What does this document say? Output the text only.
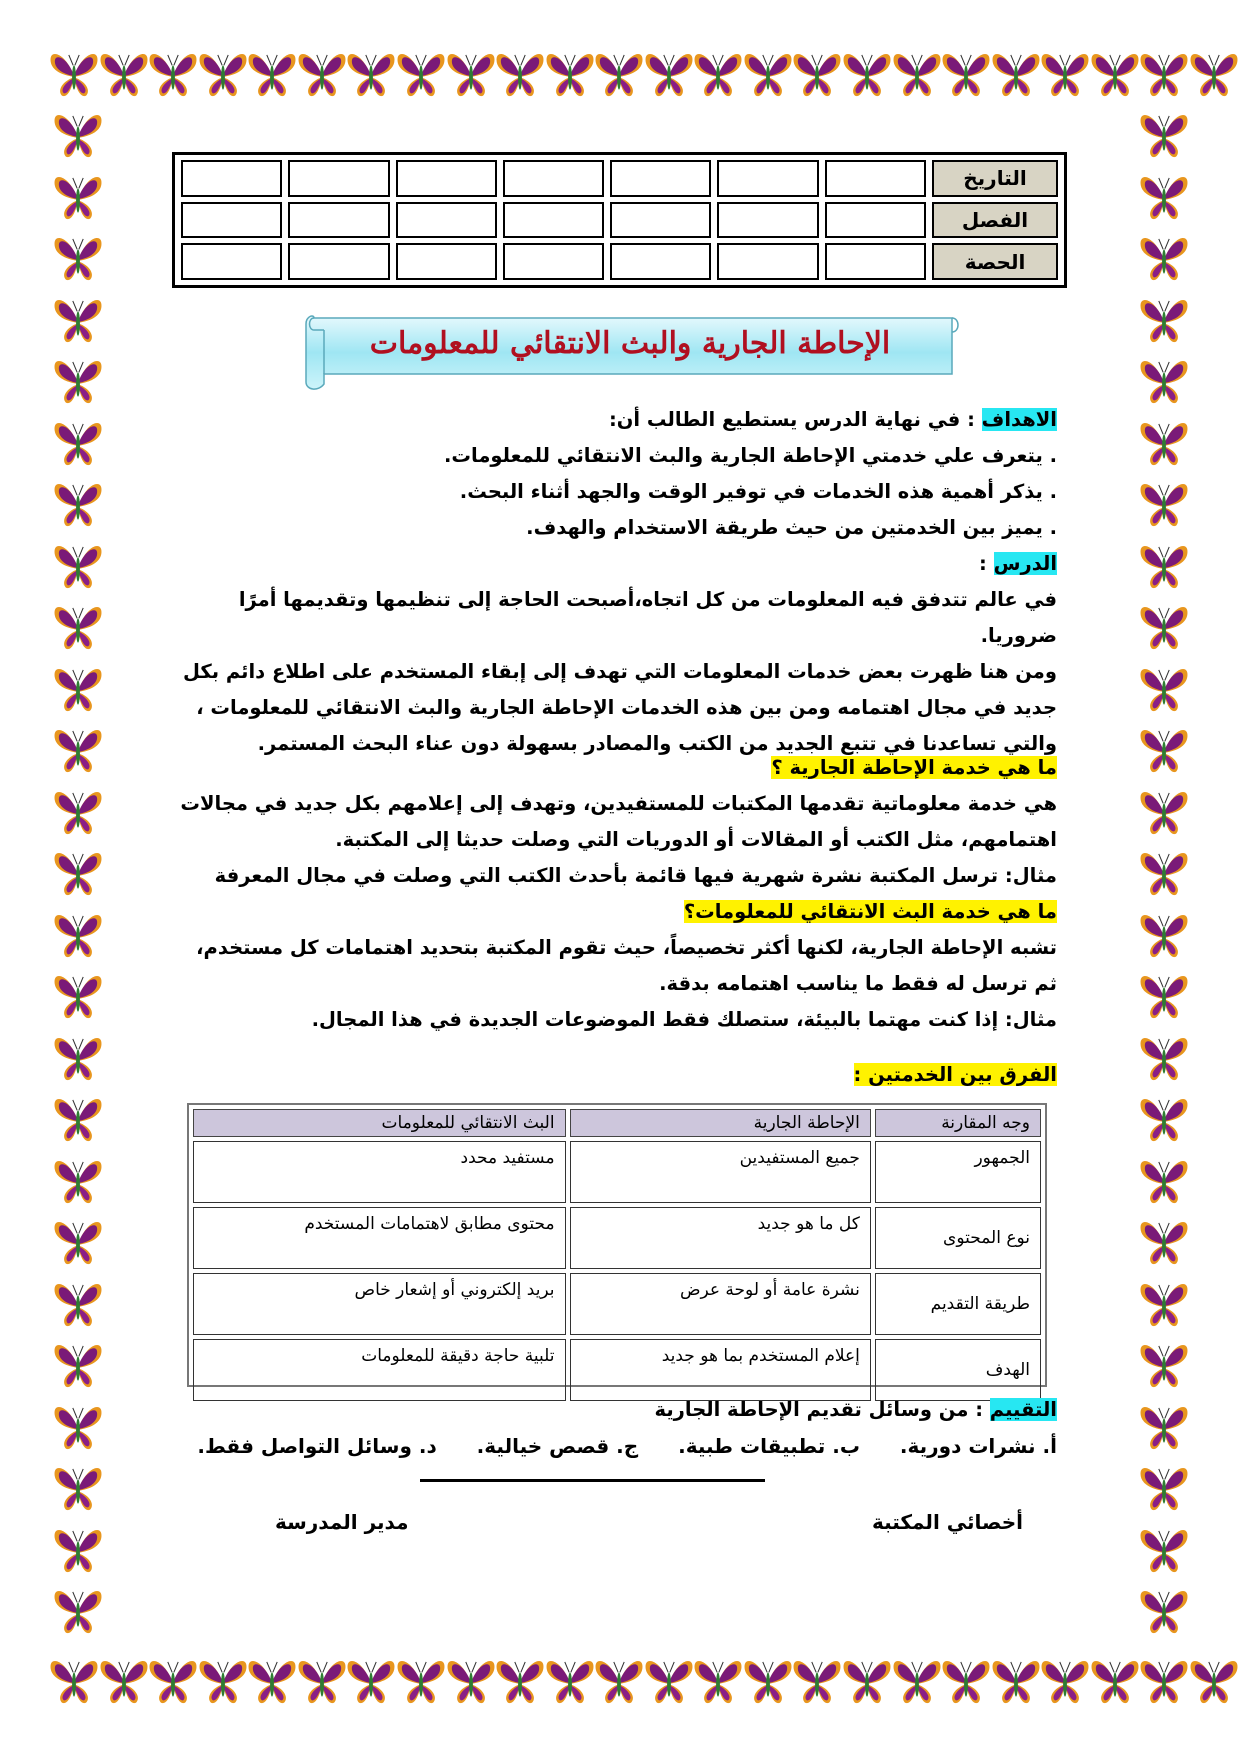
التاريخ							
الفصل							
الحصة							
الإحاطة الجارية والبث الانتقائي للمعلومات
الاهداف : في نهاية الدرس يستطيع الطالب أن:
. يتعرف علي خدمتي الإحاطة الجارية والبث الانتقائي للمعلومات.
. يذكر أهمية هذه الخدمات في توفير الوقت والجهد أثناء البحث.
. يميز بين الخدمتين من حيث طريقة الاستخدام والهدف.
الدرس :
في عالم تتدفق فيه المعلومات من كل اتجاه،أصبحت الحاجة إلى تنظيمها وتقديمها أمرًا ضروريا.
ومن هنا ظهرت بعض خدمات المعلومات التي تهدف إلى إبقاء المستخدم على اطلاع دائم بكل
جديد في مجال اهتمامه ومن بين هذه الخدمات الإحاطة الجارية والبث الانتقائي للمعلومات ،
والتي تساعدنا في تتبع الجديد من الكتب والمصادر بسهولة دون عناء البحث المستمر.
ما هي خدمة الإحاطة الجارية ؟
هي خدمة معلوماتية تقدمها المكتبات للمستفيدين، وتهدف إلى إعلامهم بكل جديد في مجالات
اهتمامهم، مثل الكتب أو المقالات أو الدوريات التي وصلت حديثا إلى المكتبة.
مثال: ترسل المكتبة نشرة شهرية فيها قائمة بأحدث الكتب التي وصلت في مجال المعرفة
ما هي خدمة البث الانتقائي للمعلومات؟
تشبه الإحاطة الجارية، لكنها أكثر تخصيصاً، حيث تقوم المكتبة بتحديد اهتمامات كل مستخدم،
ثم ترسل له فقط ما يناسب اهتمامه بدقة.
مثال: إذا كنت مهتما بالبيئة، ستصلك فقط الموضوعات الجديدة في هذا المجال.
الفرق بين الخدمتين :
وجه المقارنة	الإحاطة الجارية	البث الانتقائي للمعلومات
الجمهور	جميع المستفيدين	مستفيد محدد
نوع المحتوى	كل ما هو جديد	محتوى مطابق لاهتمامات المستخدم
طريقة التقديم	نشرة عامة أو لوحة عرض	بريد إلكتروني أو إشعار خاص
الهدف	إعلام المستخدم بما هو جديد	تلبية حاجة دقيقة للمعلومات
التقييم : من وسائل تقديم الإحاطة الجارية
أ. نشرات دورية.  ب. تطبيقات طبية.  ج. قصص خيالية.  د. وسائل التواصل فقط.
أخصائي المكتبة
مدير المدرسة
